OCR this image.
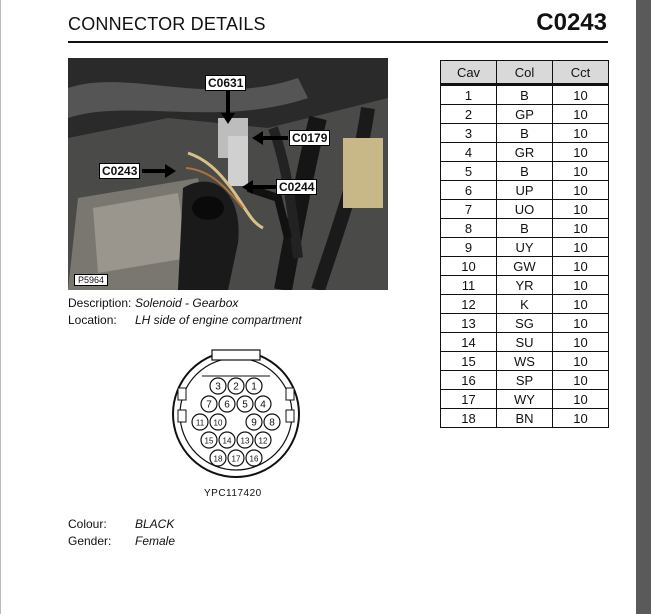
CONNECTOR DETAILS	C0243
C0631
C0179
C0243
C0244
P5964
Description: Solenoid - Gearbox
Location: LH side of engine compartment
1
2
3
4
5
6
7
8
9
10
11
12
13
14
15
16
17
18
YPC117420
Colour: BLACK
Gender: Female
Cav	Col	Cct
1	B	10
2	GP	10
3	B	10
4	GR	10
5	B	10
6	UP	10
7	UO	10
8	B	10
9	UY	10
10	GW	10
11	YR	10
12	K	10
13	SG	10
14	SU	10
15	WS	10
16	SP	10
17	WY	10
18	BN	10
